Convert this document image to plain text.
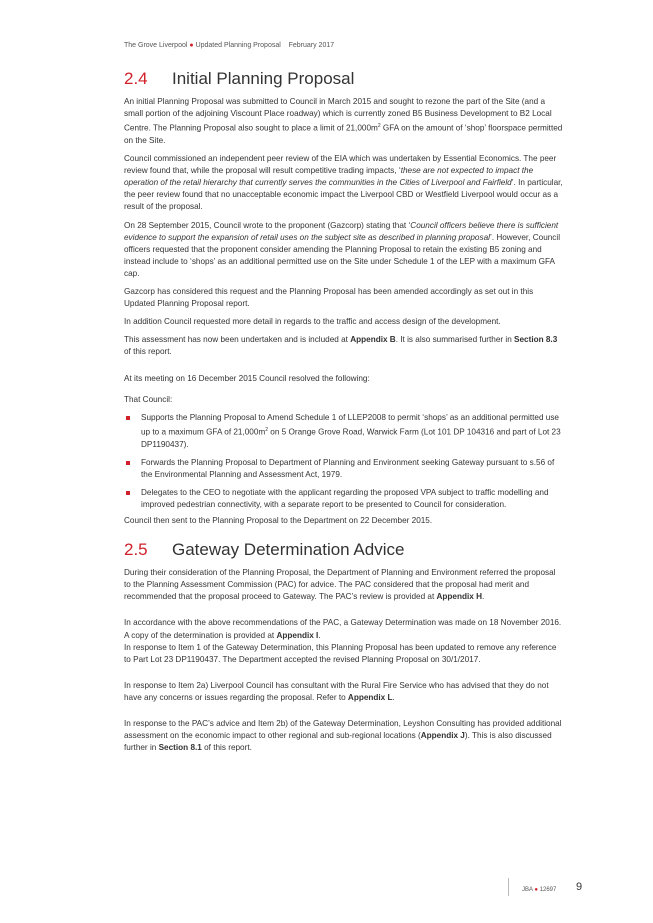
The Grove Liverpool ● Updated Planning Proposal February 2017
2.4 Initial Planning Proposal

An initial Planning Proposal was submitted to Council in March 2015 and sought to rezone the part of the Site (and a small portion of the adjoining Viscount Place roadway) which is currently zoned B5 Business Development to B2 Local Centre. The Planning Proposal also sought to place a limit of $21,000m^2$ GFA on the amount of ‘shop’ floorspace permitted on the Site.

Council commissioned an independent peer review of the EIA which was undertaken by Essential Economics. The peer review found that, while the proposal will result competitive trading impacts, ‘these are not expected to impact the operation of the retail hierarchy that currently serves the communities in the Cities of Liverpool and Fairfield’. In particular, the peer review found that no unacceptable economic impact the Liverpool CBD or Westfield Liverpool would occur as a result of the proposal.

On 28 September 2015, Council wrote to the proponent (Gazcorp) stating that ‘Council officers believe there is sufficient evidence to support the expansion of retail uses on the subject site as described in planning proposal’. However, Council officers requested that the proponent consider amending the Planning Proposal to retain the existing B5 zoning and instead include to ‘shops’ as an additional permitted use on the Site under Schedule 1 of the LEP with a maximum GFA cap.

Gazcorp has considered this request and the Planning Proposal has been amended accordingly as set out in this Updated Planning Proposal report.

In addition Council requested more detail in regards to the traffic and access design of the development.

This assessment has now been undertaken and is included at Appendix B. It is also summarised further in Section 8.3 of this report.

At its meeting on 16 December 2015 Council resolved the following:

That Council:

Supports the Planning Proposal to Amend Schedule 1 of LLEP2008 to permit ‘shops’ as an additional permitted use up to a maximum GFA of $21,000m^2$ on 5 Orange Grove Road, Warwick Farm (Lot 101 DP 104316 and part of Lot 23 DP1190437).
Forwards the Planning Proposal to Department of Planning and Environment seeking Gateway pursuant to s.56 of the Environmental Planning and Assessment Act, 1979.
Delegates to the CEO to negotiate with the applicant regarding the proposed VPA subject to traffic modelling and improved pedestrian connectivity, with a separate report to be presented to Council for consideration.

Council then sent to the Planning Proposal to the Department on 22 December 2015.

2.5 Gateway Determination Advice

During their consideration of the Planning Proposal, the Department of Planning and Environment referred the proposal to the Planning Assessment Commission (PAC) for advice. The PAC considered that the proposal had merit and recommended that the proposal proceed to Gateway. The PAC’s review is provided at Appendix H.

In accordance with the above recommendations of the PAC, a Gateway Determination was made on 18 November 2016. A copy of the determination is provided at Appendix I.

In response to Item 1 of the Gateway Determination, this Planning Proposal has been updated to remove any reference to Part Lot 23 DP1190437. The Department accepted the revised Planning Proposal on 30/1/2017.

In response to Item 2a) Liverpool Council has consultant with the Rural Fire Service who has advised that they do not have any concerns or issues regarding the proposal. Refer to Appendix L.

In response to the PAC’s advice and Item 2b) of the Gateway Determination, Leyshon Consulting has provided additional assessment on the economic impact to other regional and sub-regional locations (Appendix J). This is also discussed further in Section 8.1 of this report.

JBA ● 12697 9
